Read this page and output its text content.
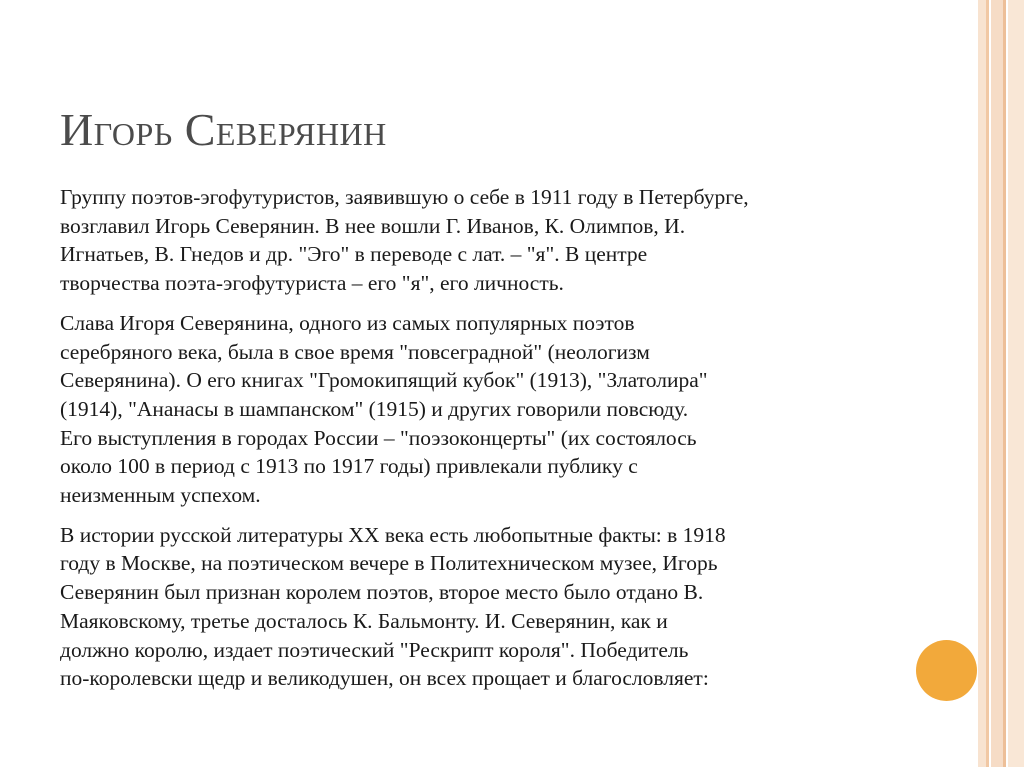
Игорь Северянин

Группу поэтов-эгофутуристов, заявившую о себе в 1911 году в Петербурге,
возглавил Игорь Северянин. В нее вошли Г. Иванов, К. Олимпов, И.
Игнатьев, В. Гнедов и др. "Эго" в переводе с лат. – "я". В центре
творчества поэта-эгофутуриста – его "я", его личность.

Слава Игоря Северянина, одного из самых популярных поэтов
серебряного века, была в свое время "повсеградной" (неологизм
Северянина). О его книгах "Громокипящий кубок" (1913), "Златолира"
(1914), "Ананасы в шампанском" (1915) и других говорили повсюду.
Его выступления в городах России – "поэзоконцерты" (их состоялось
около 100 в период с 1913 по 1917 годы) привлекали публику с
неизменным успехом.

В истории русской литературы XX века есть любопытные факты: в 1918
году в Москве, на поэтическом вечере в Политехническом музее, Игорь
Северянин был признан королем поэтов, второе место было отдано В.
Маяковскому, третье досталось К. Бальмонту. И. Северянин, как и
должно королю, издает поэтический "Рескрипт короля". Победитель
по-королевски щедр и великодушен, он всех прощает и благословляет:
